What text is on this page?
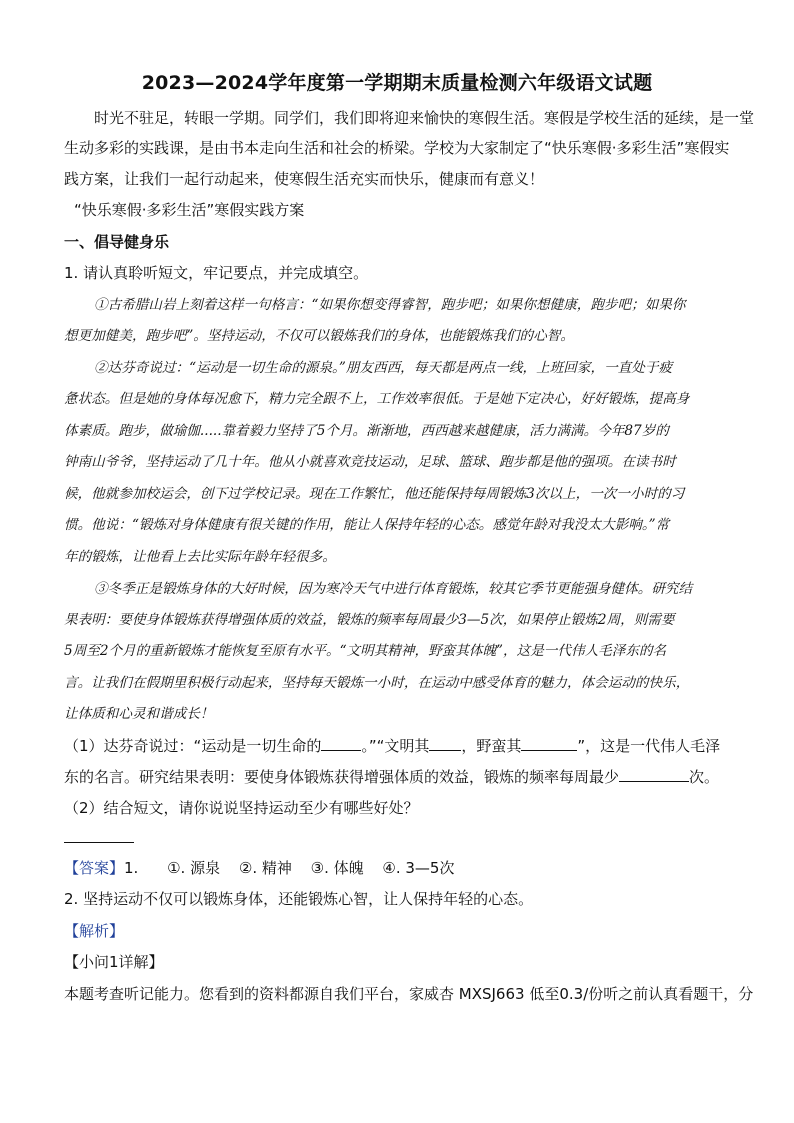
2023—2024学年度第一学期期末质量检测六年级语文试题
时光不驻足，转眼一学期。同学们，我们即将迎来愉快的寒假生活。寒假是学校生活的延续，是一堂
生动多彩的实践课，是由书本走向生活和社会的桥梁。学校为大家制定了“快乐寒假·多彩生活”寒假实
践方案，让我们一起行动起来，使寒假生活充实而快乐，健康而有意义！
“快乐寒假·多彩生活”寒假实践方案
一、倡导健身乐
1. 请认真聆听短文，牢记要点，并完成填空。
①古希腊山岩上刻着这样一句格言：“如果你想变得睿智，跑步吧；如果你想健康，跑步吧；如果你
想更加健美，跑步吧”。坚持运动，不仅可以锻炼我们的身体，也能锻炼我们的心智。
②达芬奇说过：“运动是一切生命的源泉。”朋友西西，每天都是两点一线，上班回家，一直处于疲
惫状态。但是她的身体每况愈下，精力完全跟不上，工作效率很低。于是她下定决心，好好锻炼，提高身
体素质。跑步，做瑜伽.....靠着毅力坚持了5个月。渐渐地，西西越来越健康，活力满满。今年87岁的
钟南山爷爷，坚持运动了几十年。他从小就喜欢竞技运动，足球、篮球、跑步都是他的强项。在读书时
候，他就参加校运会，创下过学校记录。现在工作繁忙，他还能保持每周锻炼3次以上，一次一小时的习
惯。他说：“锻炼对身体健康有很关键的作用，能让人保持年轻的心态。感觉年龄对我没太大影响。”常
年的锻炼，让他看上去比实际年龄年轻很多。
③冬季正是锻炼身体的大好时候，因为寒冷天气中进行体育锻炼，较其它季节更能强身健体。研究结
果表明：要使身体锻炼获得增强体质的效益，锻炼的频率每周最少3—5次，如果停止锻炼2周，则需要
5周至2个月的重新锻炼才能恢复至原有水平。“文明其精神，野蛮其体魄”，这是一代伟人毛泽东的名
言。让我们在假期里积极行动起来，坚持每天锻炼一小时，在运动中感受体育的魅力，体会运动的快乐，
让体质和心灵和谐成长！
（1）达芬奇说过：“运动是一切生命的	。”“文明其 ，野蛮其	”，这是一代伟人毛泽
东的名言。研究结果表明：要使身体锻炼获得增强体质的效益，锻炼的频率每周最少	次。
（2）结合短文，请你说说坚持运动至少有哪些好处？
【答案】1. ①. 源泉 ②. 精神 ③. 体魄 ④. 3—5次
2. 坚持运动不仅可以锻炼身体，还能锻炼心智，让人保持年轻的心态。
【解析】
【小问1详解】
本题考查听记能力。您看到的资料都源自我们平台，家威杏 MXSJ663 低至0.3/份听之前认真看题干，分
